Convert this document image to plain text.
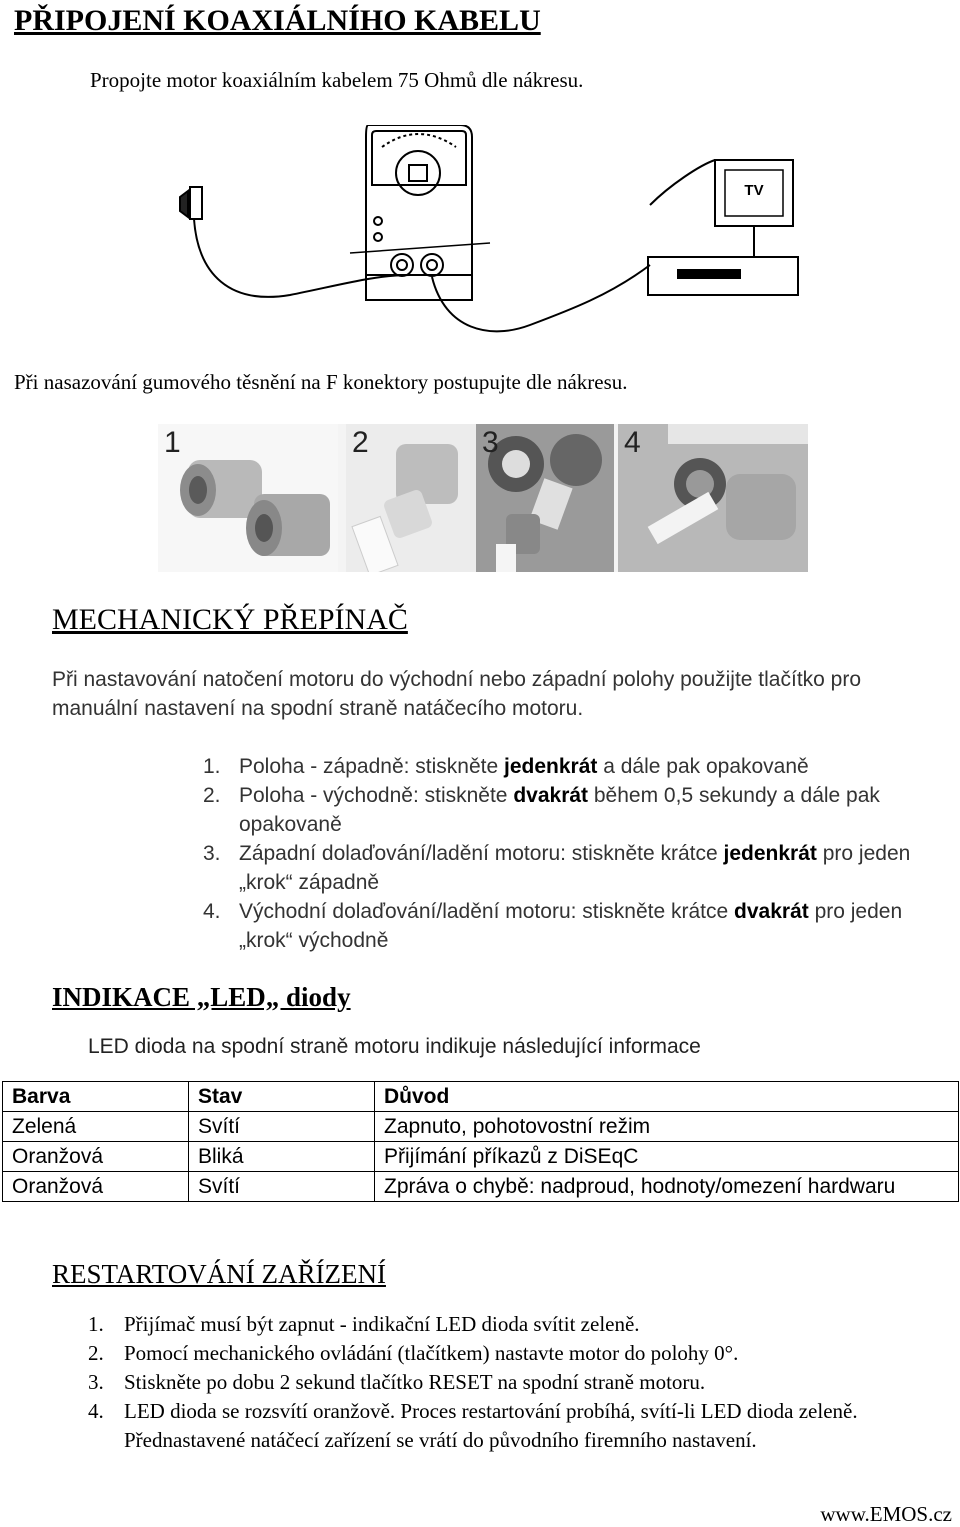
PŘIPOJENÍ KOAXIÁLNÍHO KABELU
Propojte motor koaxiálním kabelem 75 Ohmů dle nákresu.
TV
Při nasazování gumového těsnění na F konektory postupujte dle nákresu.
1	2	3	4
MECHANICKÝ PŘEPÍNAČ
Při nastavování natočení motoru do východní nebo západní polohy použijte tlačítko pro
manuální nastavení na spodní straně natáčecího motoru.
1. Poloha - západně: stiskněte jedenkrát a dále pak opakovaně
2. Poloha - východně: stiskněte dvakrát během 0,5 sekundy a dále pak opakovaně
3. Západní dolaďování/ladění motoru: stiskněte krátce jedenkrát pro jeden „krok“ západně
4. Východní dolaďování/ladění motoru: stiskněte krátce dvakrát pro jeden „krok“ východně
INDIKACE „LED„ diody
LED dioda na spodní straně motoru indikuje následující informace
Barva	Stav	Důvod
Zelená	Svítí	Zapnuto, pohotovostní režim
Oranžová	Bliká	Přijímání příkazů z DiSEqC
Oranžová	Svítí	Zpráva o chybě: nadproud, hodnoty/omezení hardwaru
RESTARTOVÁNÍ ZAŘÍZENÍ
1. Přijímač musí být zapnut - indikační LED dioda svítit zeleně.
2. Pomocí mechanického ovládání (tlačítkem) nastavte motor do polohy 0°.
3. Stiskněte po dobu 2 sekund tlačítko RESET na spodní straně motoru.
4. LED dioda se rozsvítí oranžově. Proces restartování probíhá, svítí-li LED dioda zeleně. Přednastavené natáčecí zařízení se vrátí do původního firemního nastavení.
www.EMOS.cz
